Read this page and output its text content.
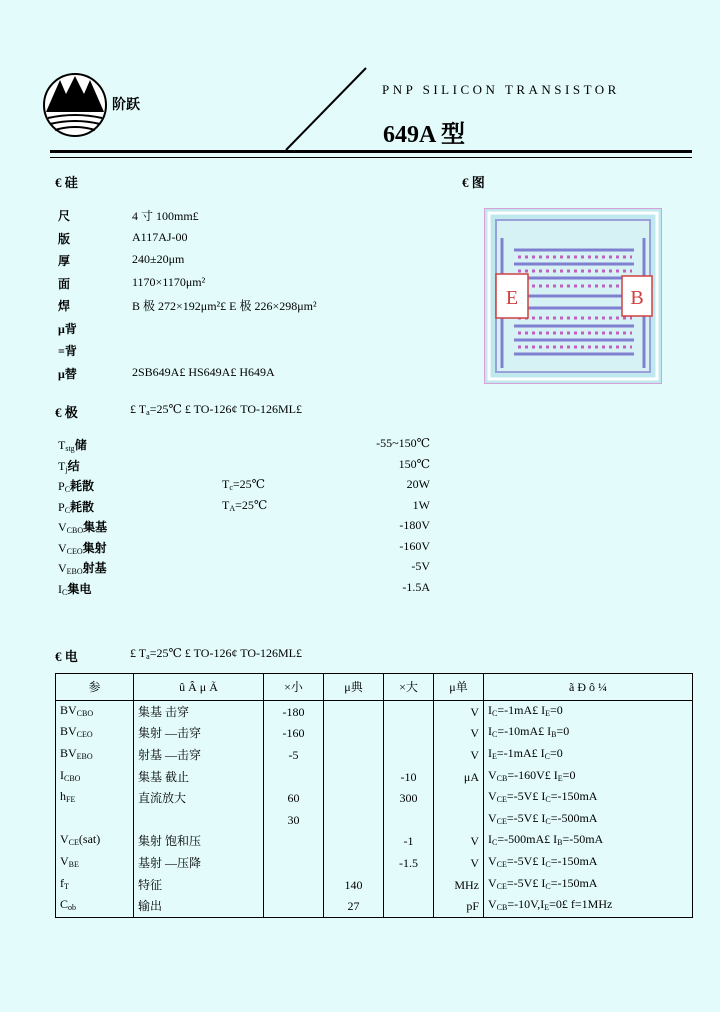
阶跃
PNP SILICON TRANSISTOR
649A 型
€ 硅	€ 图
尺	4 寸 100mm£
版	A117AJ-00
厚	240±20μm
面	1170×1170μm²
焊	B 极 272×192μm²£ E 极 226×298μm²
μ背
=背
μ替	2SB649A£ HS649A£ H649A
E	B
€ 极	£ $T_a=25℃$ £ TO-126¢ TO-126ML£
$T_{stg}$储	-55~150℃
$T_j$结	150℃
$P_C$耗散	$T_c=25℃$	20W
$P_C$耗散	$T_A=25℃$	1W
$V_{CBO}$集基	-180V
$V_{CEO}$集射	-160V
$V_{EBO}$射基	-5V
$I_C$集电	-1.5A
€ 电	£ $T_a=25℃$ £ TO-126¢ TO-126ML£
参	û Â μ Ã	×小	μ典	×大	μ单	ã Ð ô ¼
$BV_{CBO}$	集基 击穿	-180			V	$I_C=-1mA£$ $I_E=0$
$BV_{CEO}$	集射 —击穿	-160			V	$I_C=-10mA£$ $I_B=0$
$BV_{EBO}$	射基 —击穿	-5			V	$I_E=-1mA£$ $I_C=0$
$I_{CBO}$	集基 截止			-10	μA	$V_{CB}=-160V£$ $I_E=0$
$h_{FE}$	直流放大	60		300		$V_{CE}=-5V£$ $I_C=-150mA$
		30				$V_{CE}=-5V£$ $I_C=-500mA$
$V_{CE}(sat)$	集射 饱和压			-1	V	$I_C=-500mA£$ $I_B=-50mA$
$V_{BE}$	基射 —压降			-1.5	V	$V_{CE}=-5V£$ $I_C=-150mA$
$f_T$	特征		140		MHz	$V_{CE}=-5V£$ $I_C=-150mA$
$C_{ob}$	输出		27		pF	$V_{CB}=-10V,I_E=0£$ f=1MHz
